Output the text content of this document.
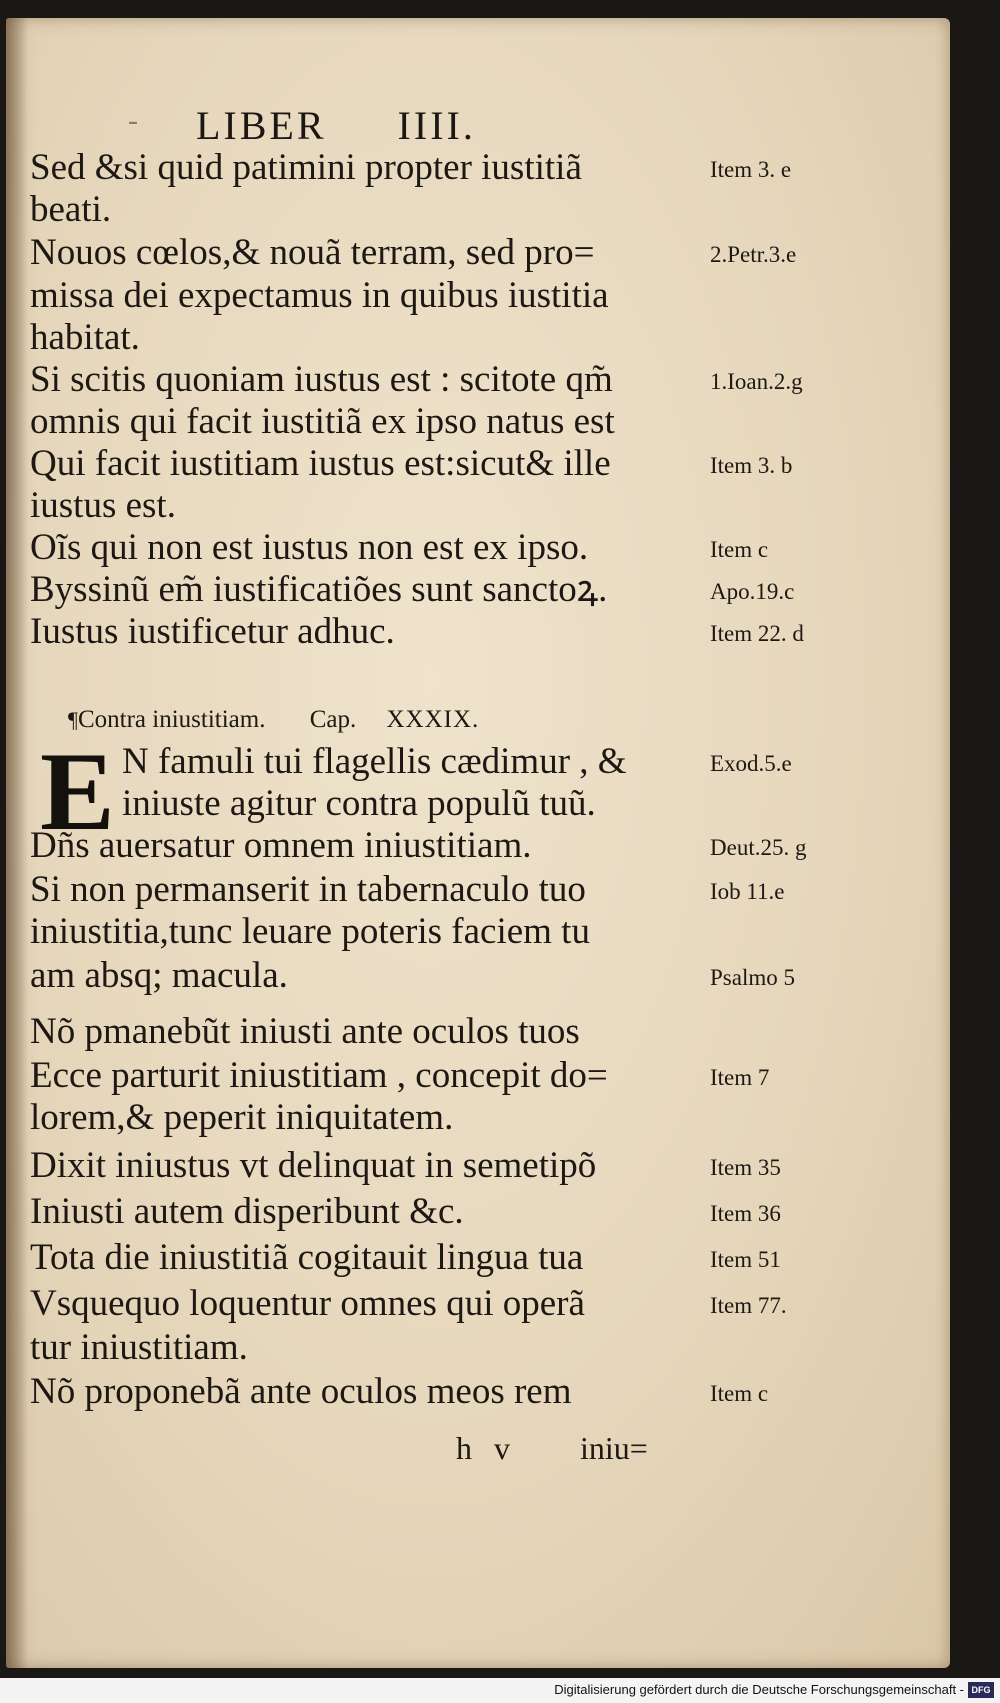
- LIBER IIII.
Sed &si quid patimini propter iustitiã	Item 3. e
beati.
Nouos cœlos,& nouã terram, sed pro=	2.Petr.3.e
missa dei expectamus in quibus iustitia
habitat.
Si scitis quoniam iustus est : scitote qm̃	1.Ioan.2.g
omnis qui facit iustitiã ex ipso natus est
Qui facit iustitiam iustus est:sicut& ille	Item 3. b
iustus est.
Oĩs qui non est iustus non est ex ipso.	Item c
Byssinũ em̃ iustificatiões sunt sanctoꝝ.	Apo.19.c
Iustus iustificetur adhuc.	Item 22. d
N famuli tui flagellis cædimur , &	Exod.5.e
iniuste agitur contra populũ tuũ.
Dñs auersatur omnem iniustitiam.	Deut.25. g
Si non permanserit in tabernaculo tuo	Iob 11.e
iniustitia,tunc leuare poteris faciem tu
am absq; macula.	Psalmo 5
Nõ pmanebũt iniusti ante oculos tuos
Ecce parturit iniustitiam , concepit do=	Item 7
lorem,& peperit iniquitatem.
Dixit iniustus vt delinquat in semetipõ	Item 35
Iniusti autem disperibunt &c.	Item 36
Tota die iniustitiã cogitauit lingua tua	Item 51
Vsquequo loquentur omnes qui operã	Item 77.
tur iniustitiam.
Nõ proponebã ante oculos meos rem	Item c
¶Contra iniustitiam. Cap. XXXIX.
E
h v iniu=
Digitalisierung gefördert durch die Deutsche Forschungsgemeinschaft - DFG
